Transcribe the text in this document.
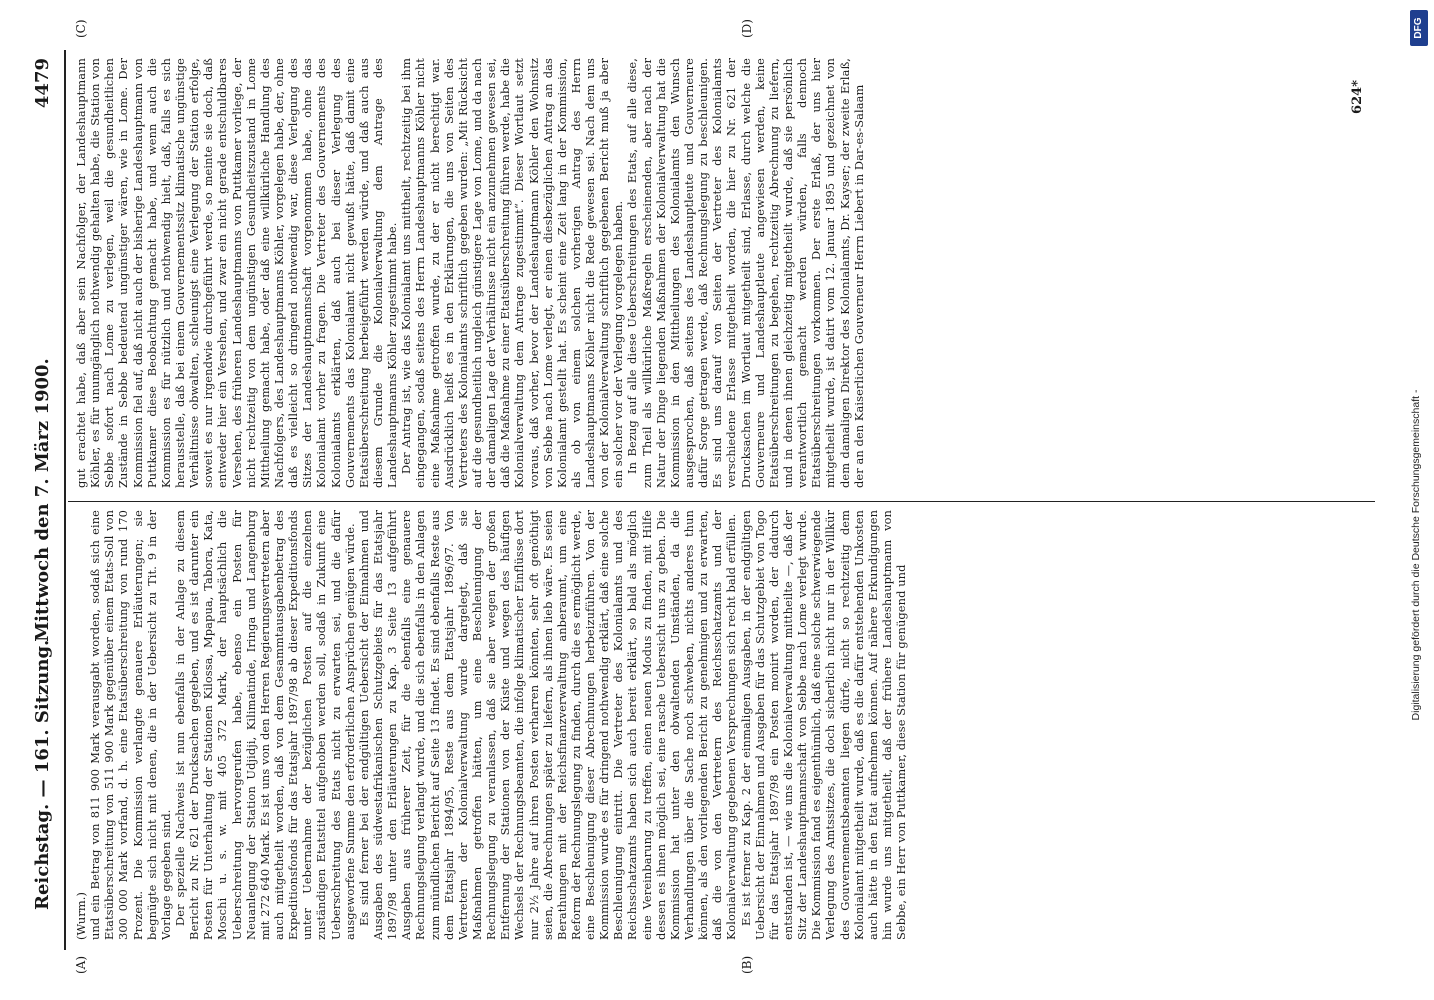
Reichstag. — 161. Sitzung.
Mittwoch den 7. März 1900.
4479
(A)	(B)
(C)	(D)

(Wurm.) und ein Betrag von 811 900 Mark verausgabt worden, sodaß sich eine Etatsüberschreitung von 511 900 Mark gegenüber einem Etats-Soll von 300 000 Mark vorfand, d. h. eine Etatsüberschreitung von rund 170 Prozent. Die Kommission verlangte genauere Erläuterungen; sie begnügte sich nicht mit denen, die in der Uebersicht zu Tit. 9 in der Vorlage gegeben sind. Der spezielle Nachweis ist nun ebenfalls in der Anlage zu diesem Bericht zu Nr. 621 der Drucksachen gegeben, und es ist darunter ein Posten für Unterhaltung der Stationen Kilossa, Mpapua, Tabora, Kata, Moschi u. s. w. mit 405 372 Mark, der hauptsächlich die Ueberschreitung hervorgerufen habe, ebenso ein Posten für Neuanlegung der Station Udjidji, Kilimatinde, Iringa und Langenburg mit 272 640 Mark. Es ist uns von den Herren Regierungsvertretern aber auch mitgetheilt worden, daß von dem Gesammtausgabenbetrag des Expeditionsfonds für das Etatsjahr 1897/98 ab dieser Expeditionsfonds unter Uebernahme der bezüglichen Posten auf die einzelnen zuständigen Etatstitel aufgehoben werden soll, sodaß in Zukunft eine Ueberschreitung des Etats nicht zu erwarten sei, und die dafür ausgeworfene Summe den erforderlichen Ansprüchen genügen würde. Es sind ferner bei der endgültigen Uebersicht der Einnahmen und Ausgaben des südwestafrikanischen Schutzgebiets für das Etatsjahr 1897/98 unter den Erläuterungen zu Kap. 3 Seite 13 aufgeführt Ausgaben aus früherer Zeit, für die ebenfalls eine genauere Rechnungslegung verlangt wurde, und die sich ebenfalls in den Anlagen zum mündlichen Bericht auf Seite 13 findet. Es sind ebenfalls Reste aus dem Etatsjahr 1894/95, Reste aus dem Etatsjahr 1896/97. Von Vertretern der Kolonialverwaltung wurde dargelegt, daß sie Maßnahmen getroffen hätten, um eine Beschleunigung der Rechnungslegung zu veranlassen, daß sie aber wegen der großen Entfernung der Stationen von der Küste und wegen des häufigen Wechsels der Rechnungsbeamten, die infolge klimatischer Einflüsse dort nur 2½ Jahre auf ihren Posten verharren könnten, sehr oft genöthigt seien, die Abrechnungen später zu liefern, als ihnen lieb wäre. Es seien Berathungen mit der Reichsfinanzverwaltung anberaumt, um eine Reform der Rechnungslegung zu finden, durch die es ermöglicht werde, eine Beschleunigung dieser Abrechnungen herbeizuführen. Von der Kommission wurde es für dringend nothwendig erklärt, daß eine solche Beschleunigung eintritt. Die Vertreter des Kolonialamts und des Reichsschatzamts haben sich auch bereit erklärt, so bald als möglich eine Vereinbarung zu treffen, einen neuen Modus zu finden, mit Hilfe dessen es ihnen möglich sei, eine rasche Uebersicht uns zu geben. Die Kommission hat unter den obwaltenden Umständen, da die Verhandlungen über die Sache noch schweben, nichts anderes thun können, als den vorliegenden Bericht zu genehmigen und zu erwarten, daß die von den Vertretern des Reichsschatzamts und der Kolonialverwaltung gegebenen Versprechungen sich recht bald erfüllen. Es ist ferner zu Kap. 2 der einmaligen Ausgaben, in der endgültigen Uebersicht der Einnahmen und Ausgaben für das Schutzgebiet von Togo für das Etatsjahr 1897/98 ein Posten monirt worden, der dadurch entstanden ist, — wie uns die Kolonialverwaltung mittheilte —, daß der Sitz der Landeshauptmannschaft von Sebbe nach Lome verlegt wurde. Die Kommission fand es eigenthümlich, daß eine solche schwerwiegende Verlegung des Amtssitzes, die doch sicherlich nicht nur in der Willkür des Gouvernementsbeamten liegen dürfe, nicht so rechtzeitig dem Kolonialamt mitgetheilt wurde, daß es die dafür entstehenden Unkosten auch hätte in den Etat aufnehmen können. Auf nähere Erkundigungen hin wurde uns mitgetheilt, daß der frühere Landeshauptmann von Sebbe, ein Herr von Puttkamer, diese Station für genügend und

gut erachtet habe, daß aber sein Nachfolger, der Landeshauptmann Köhler, es für unumgänglich nothwendig gehalten habe, die Station von Sebbe sofort nach Lome zu verlegen, weil die gesundheitlichen Zustände in Sebbe bedeutend ungünstiger wären, wie in Lome. Der Kommission fiel auf, daß nicht auch der bisherige Landeshauptmann von Puttkamer diese Beobachtung gemacht habe, und wenn auch die Kommission es für nützlich und nothwendig hielt, daß, falls es sich herausstelle, daß bei einem Gouvernementssitz klimatische ungünstige Verhältnisse obwalten, schleunigst eine Verlegung der Station erfolge, soweit es nur irgendwie durchgeführt werde, so meinte sie doch, daß entweder hier ein Versehen, und zwar ein nicht gerade entschuldbares Versehen, des früheren Landeshauptmanns von Puttkamer vorliege, der nicht rechtzeitig von dem ungünstigen Gesundheitszustand in Lome Mittheilung gemacht habe, oder daß eine willkürliche Handlung des Nachfolgers, des Landeshauptmanns Köhler, vorgelegen habe, der, ohne daß es vielleicht so dringend nothwendig war, diese Verlegung des Sitzes der Landeshauptmannschaft vorgenommen habe, ohne das Kolonialamt vorher zu fragen. Die Vertreter des Gouvernements des Kolonialamts erklärten, daß auch bei dieser Verlegung des Gouvernements das Kolonialamt nicht gewußt hätte, daß damit eine Etatsüberschreitung herbeigeführt werden würde, und daß auch aus diesem Grunde die Kolonialverwaltung dem Antrage des Landeshauptmanns Köhler zugestimmt habe. Der Antrag ist, wie das Kolonialamt uns mittheilt, rechtzeitig bei ihm eingegangen, sodaß seitens des Herrn Landeshauptmanns Köhler nicht eine Maßnahme getroffen wurde, zu der er nicht berechtigt war. Ausdrücklich heißt es in den Erklärungen, die uns von Seiten des Vertreters des Kolonialamts schriftlich gegeben wurden: „Mit Rücksicht auf die gesundheitlich ungleich günstigere Lage von Lome, und da nach der damaligen Lage der Verhältnisse nicht ein anzunehmen gewesen sei, daß die Maßnahme zu einer Etatsüberschreitung führen werde, habe die Kolonialverwaltung dem Antrage zugestimmt“. Dieser Wortlaut setzt voraus, daß vorher, bevor der Landeshauptmann Köhler den Wohnsitz von Sebbe nach Lome verlegt, er einen diesbezüglichen Antrag an das Kolonialamt gestellt hat. Es scheint eine Zeit lang in der Kommission, als ob von einem solchen vorherigen Antrag des Herrn Landeshauptmanns Köhler nicht die Rede gewesen sei. Nach dem uns von der Kolonialverwaltung schriftlich gegebenen Bericht muß ja aber ein solcher vor der Verlegung vorgelegen haben. In Bezug auf alle diese Ueberschreitungen des Etats, auf alle diese, zum Theil als willkürliche Maßregeln erscheinenden, aber nach der Natur der Dinge liegenden Maßnahmen der Kolonialverwaltung hat die Kommission in den Mittheilungen des Kolonialamts den Wunsch ausgesprochen, daß seitens des Landeshauptleute und Gouverneure dafür Sorge getragen werde, daß Rechnungslegung zu beschleunigen. Es sind uns darauf von Seiten der Vertreter des Kolonialamts verschiedene Erlasse mitgetheilt worden, die hier zu Nr. 621 der Drucksachen im Wortlaut mitgetheilt sind, Erlasse, durch welche die Gouverneure und Landeshauptleute angewiesen werden, keine Etatsüberschreitungen zu begehen, rechtzeitig Abrechnung zu liefern, und in denen ihnen gleichzeitig mitgetheilt wurde, daß sie persönlich verantwortlich gemacht werden würden, falls dennoch Etatsüberschreitungen vorkommen. Der erste Erlaß, der uns hier mitgetheilt wurde, ist datirt vom 12. Januar 1895 und gezeichnet von dem damaligen Direktor des Kolonialamts, Dr. Kayser; der zweite Erlaß, der an den Kaiserlichen Gouverneur Herrn Liebert in Dar-es-Salaam	624*
DFG
Digitalisierung gefördert durch die Deutsche Forschungsgemeinschaft -
